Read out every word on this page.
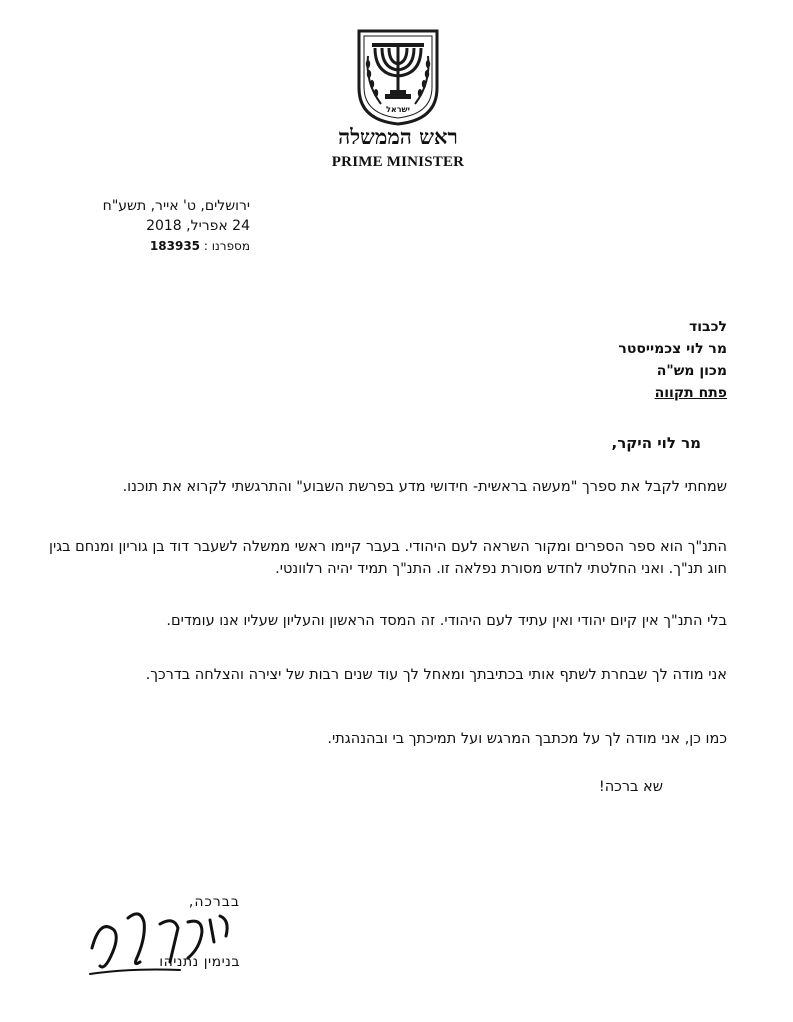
ישראל
ראש הממשלה
PRIME MINISTER
ירושלים, ט' אייר, תשע"ח
24 אפריל, 2018
מספרנו : 183935
לכבוד
מר לוי צכמייסטר
מכון מש"ה
פתח תקווה
מר לוי היקר,
שמחתי לקבל את ספרך "מעשה בראשית- חידושי מדע בפרשת השבוע" והתרגשתי לקרוא את תוכנו.
התנ"ך הוא ספר הספרים ומקור השראה לעם היהודי. בעבר קיימו ראשי ממשלה לשעבר דוד בן גוריון ומנחם בגין חוג תנ"ך. ואני החלטתי לחדש מסורת נפלאה זו. התנ"ך תמיד יהיה רלוונטי.
בלי התנ"ך אין קיום יהודי ואין עתיד לעם היהודי. זה המסד הראשון והעליון שעליו אנו עומדים.
אני מודה לך שבחרת לשתף אותי בכתיבתך ומאחל לך עוד שנים רבות של יצירה והצלחה בדרכך.
כמו כן, אני מודה לך על מכתבך המרגש ועל תמיכתך בי ובהנהגתי.
שא ברכה!
בברכה,
בנימין נתניהו
